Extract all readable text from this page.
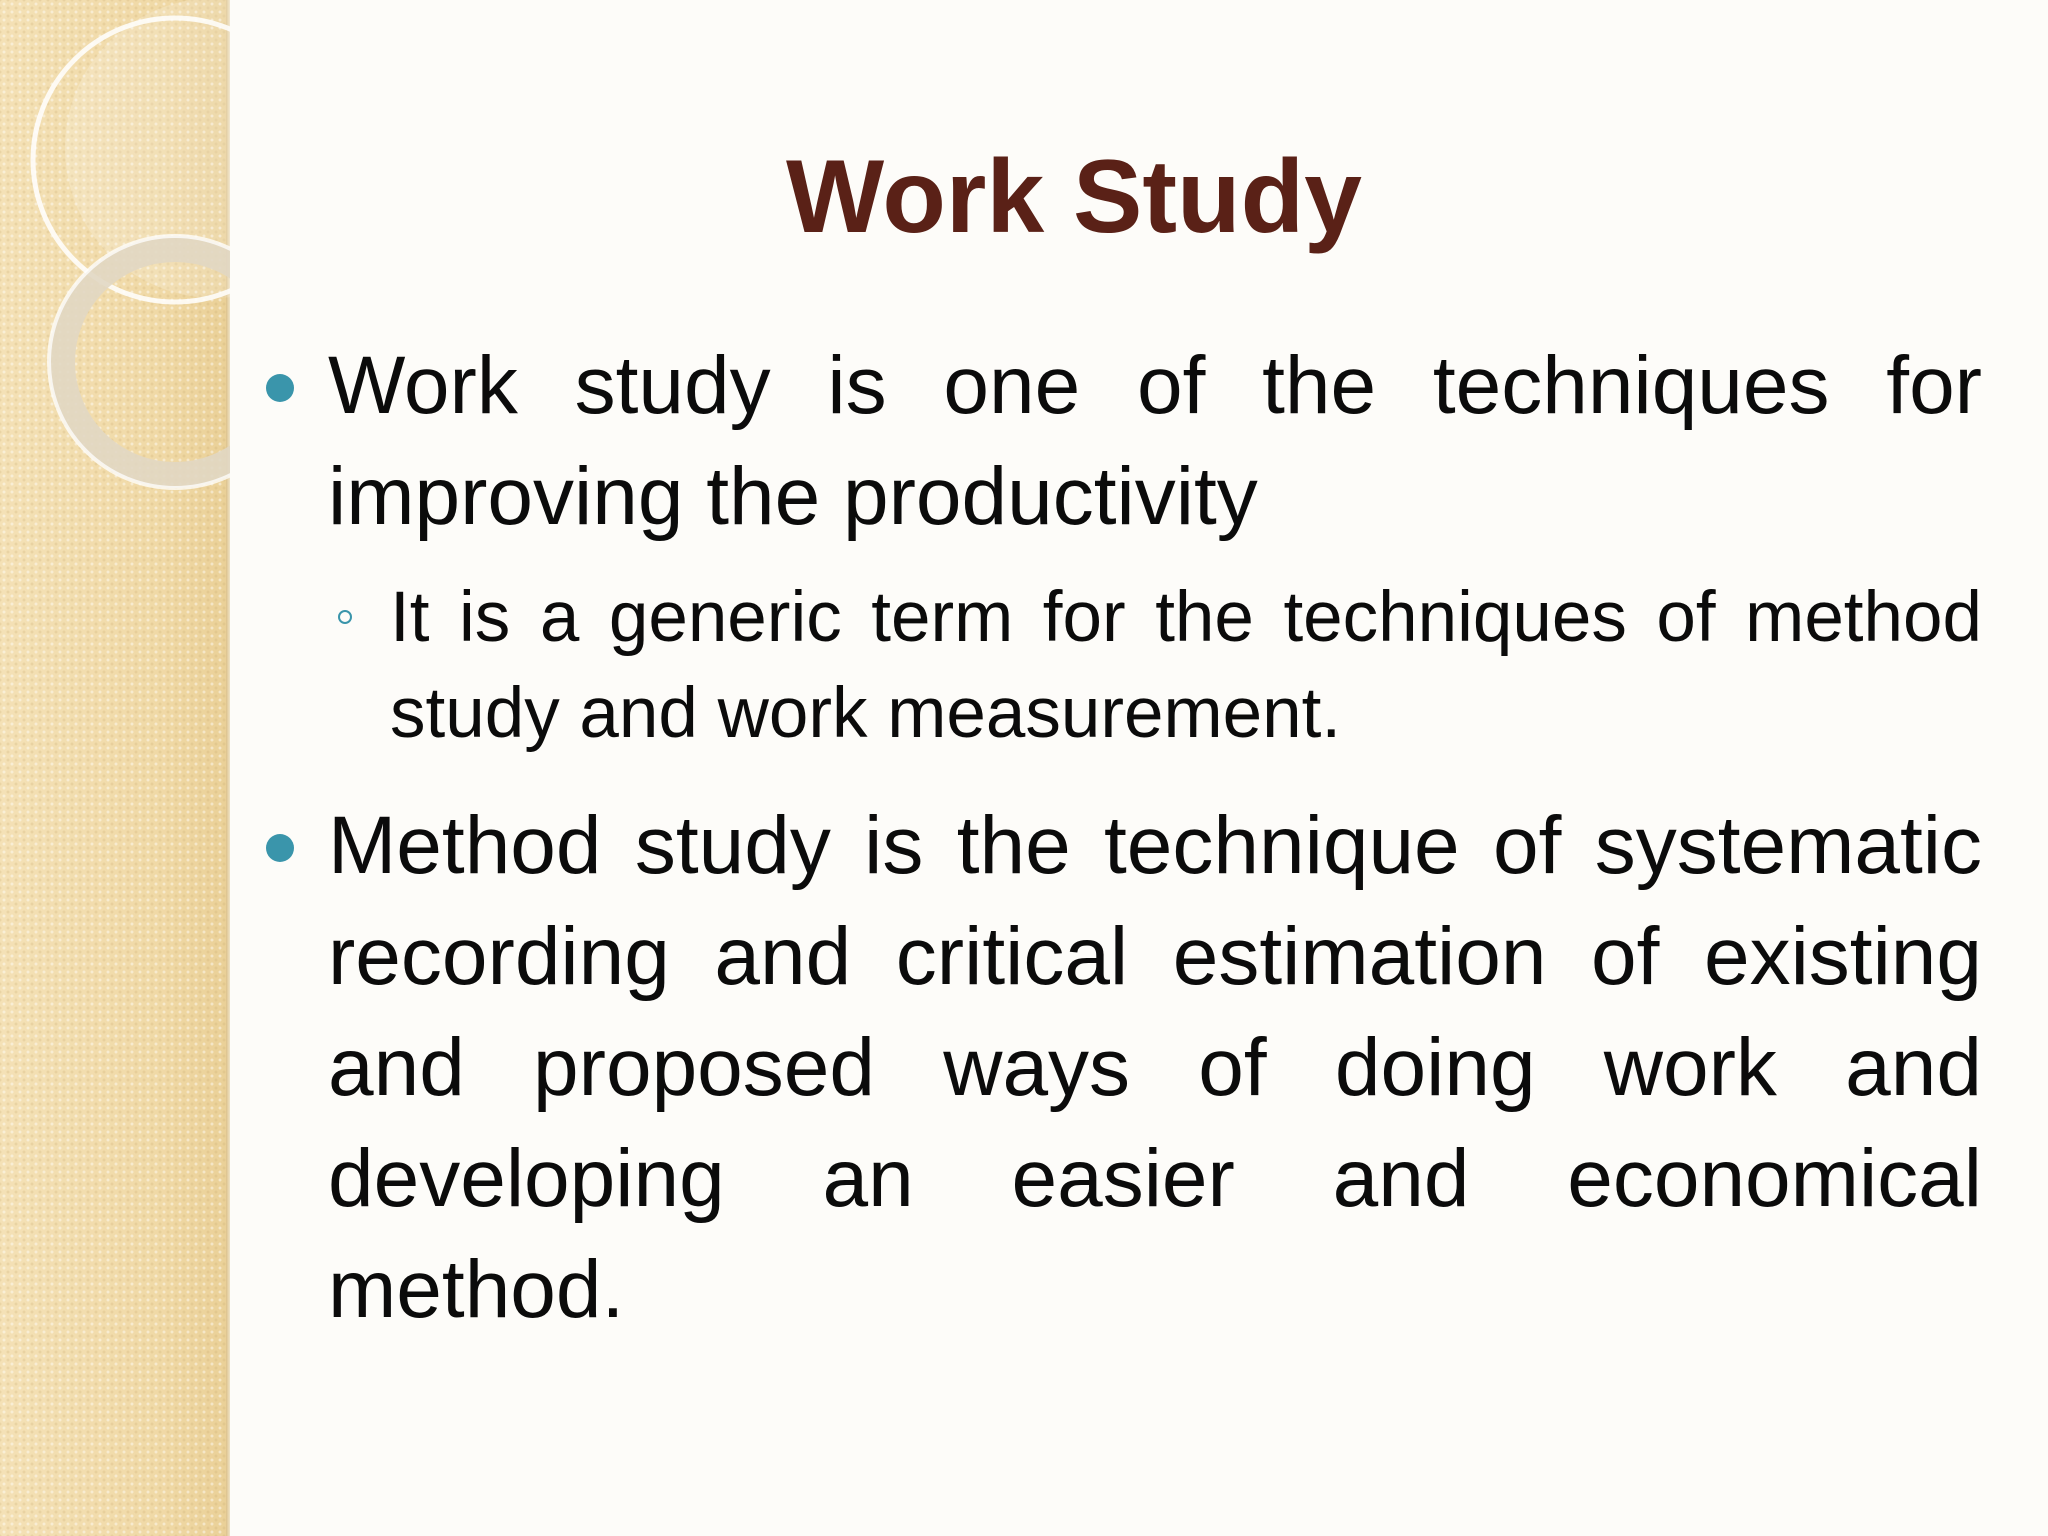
Work Study

Work study is one of the techniques for improving the productivity

It is a generic term for the techniques of method study and work measurement.

Method study is the technique of systematic recording and critical estimation of existing and proposed ways of doing work and developing an easier and economical method.
